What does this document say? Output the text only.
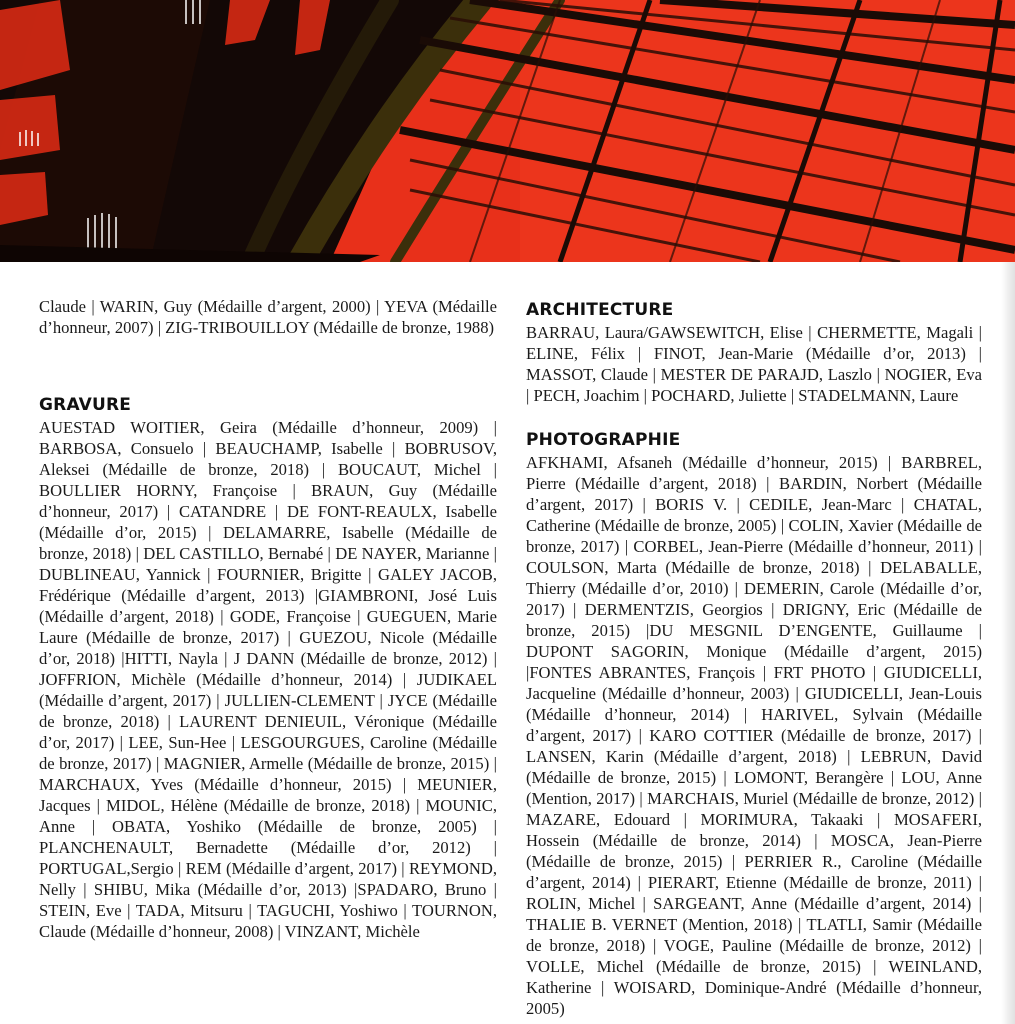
Claude | WARIN, Guy (Médaille d’argent, 2000) | YEVA (Médaille d’honneur, 2007) | ZIG-TRIBOUILLOY (Médaille de bronze, 1988)

GRAVURE

AUESTAD WOITIER, Geira (Médaille d’honneur, 2009) | BARBOSA, Consuelo | BEAUCHAMP, Isabelle | BOBRUSOV, Aleksei (Médaille de bronze, 2018) | BOUCAUT, Michel | BOULLIER HORNY, Françoise | BRAUN, Guy (Médaille d’honneur, 2017) | CATANDRE | DE FONT-REAULX, Isabelle (Médaille d’or, 2015) | DELAMARRE, Isabelle (Médaille de bronze, 2018) | DEL CASTILLO, Bernabé | DE NAYER, Marianne | DUBLINEAU, Yannick | FOURNIER, Brigitte | GALEY JACOB, Frédérique (Médaille d’argent, 2013) |GIAMBRONI, José Luis (Médaille d’argent, 2018) | GODE, Françoise | GUEGUEN, Marie Laure (Médaille de bronze, 2017) | GUEZOU, Nicole (Médaille d’or, 2018) |HITTI, Nayla | J DANN (Médaille de bronze, 2012) | JOFFRION, Michèle (Médaille d’honneur, 2014) | JUDIKAEL (Médaille d’argent, 2017) | JULLIEN-CLEMENT | JYCE (Médaille de bronze, 2018) | LAURENT DENIEUIL, Véronique (Médaille d’or, 2017) | LEE, Sun-Hee | LESGOURGUES, Caroline (Médaille de bronze, 2017) | MAGNIER, Armelle (Médaille de bronze, 2015) | MARCHAUX, Yves (Médaille d’honneur, 2015) | MEUNIER, Jacques | MIDOL, Hélène (Médaille de bronze, 2018) | MOUNIC, Anne | OBATA, Yoshiko (Médaille de bronze, 2005) | PLANCHENAULT, Bernadette (Médaille d’or, 2012) | PORTUGAL,Sergio | REM (Médaille d’argent, 2017) | REYMOND, Nelly | SHIBU, Mika (Médaille d’or, 2013) |SPADARO, Bruno | STEIN, Eve | TADA, Mitsuru | TAGUCHI, Yoshiwo | TOURNON, Claude (Médaille d’honneur, 2008) | VINZANT, Michèle

ARCHITECTURE

BARRAU, Laura/GAWSEWITCH, Elise | CHERMETTE, Magali | ELINE, Félix | FINOT, Jean-Marie (Médaille d’or, 2013) | MASSOT, Claude | MESTER DE PARAJD, Laszlo | NOGIER, Eva | PECH, Joachim | POCHARD, Juliette | STADELMANN, Laure

PHOTOGRAPHIE

AFKHAMI, Afsaneh (Médaille d’honneur, 2015) | BARBREL, Pierre (Médaille d’argent, 2018) | BARDIN, Norbert (Médaille d’argent, 2017) | BORIS V. | CEDILE, Jean-Marc | CHATAL, Catherine (Médaille de bronze, 2005) | COLIN, Xavier (Médaille de bronze, 2017) | CORBEL, Jean-Pierre (Médaille d’honneur, 2011) | COULSON, Marta (Médaille de bronze, 2018) | DELABALLE, Thierry (Médaille d’or, 2010) | DEMERIN, Carole (Médaille d’or, 2017) | DERMENTZIS, Georgios | DRIGNY, Eric (Médaille de bronze, 2015) |DU MESGNIL D’ENGENTE, Guillaume | DUPONT SAGORIN, Monique (Médaille d’argent, 2015) |FONTES ABRANTES, François | FRT PHOTO | GIUDICELLI, Jacqueline (Médaille d’honneur, 2003) | GIUDICELLI, Jean-Louis (Médaille d’honneur, 2014) | HARIVEL, Sylvain (Médaille d’argent, 2017) | KARO COTTIER (Médaille de bronze, 2017) | LANSEN, Karin (Médaille d’argent, 2018) | LEBRUN, David (Médaille de bronze, 2015) | LOMONT, Berangère | LOU, Anne (Mention, 2017) | MARCHAIS, Muriel (Médaille de bronze, 2012) | MAZARE, Edouard | MORIMURA, Takaaki | MOSAFERI, Hossein (Médaille de bronze, 2014) | MOSCA, Jean-Pierre (Médaille de bronze, 2015) | PERRIER R., Caroline (Médaille d’argent, 2014) | PIERART, Etienne (Médaille de bronze, 2011) | ROLIN, Michel | SARGEANT, Anne (Médaille d’argent, 2014) | THALIE B. VERNET (Mention, 2018) | TLATLI, Samir (Médaille de bronze, 2018) | VOGE, Pauline (Médaille de bronze, 2012) | VOLLE, Michel (Médaille de bronze, 2015) | WEINLAND, Katherine | WOISARD, Dominique-André (Médaille d’honneur, 2005)
